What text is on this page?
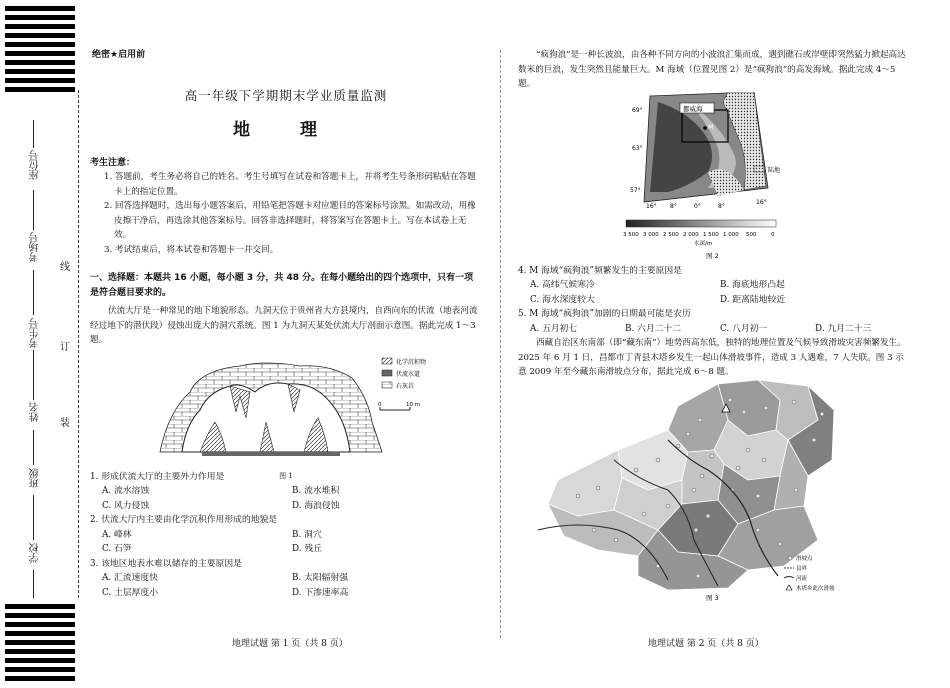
座位号
考场号
考生号
姓名
班级
学校
线
订
装
绝密★启用前
高一年级下学期期末学业质量监测
地 理
考生注意：
1. 答题前，考生务必将自己的姓名、考生号填写在试卷和答题卡上，并将考生号条形码粘贴在答题卡上的指定位置。
2. 回答选择题时，选出每小题答案后，用铅笔把答题卡对应题目的答案标号涂黑。如需改动，用橡皮擦干净后，再选涂其他答案标号。回答非选择题时，将答案写在答题卡上。写在本试卷上无效。
3. 考试结束后，将本试卷和答题卡一并交回。
一、选择题：本题共 16 小题，每小题 3 分，共 48 分。在每小题给出的四个选项中，只有一项是符合题目要求的。
伏流大厅是一种常见的地下地貌形态。九洞天位于贵州省大方县境内，自西向东的伏流（地表河流经过地下的潜伏段）侵蚀出庞大的洞穴系统。图 1 为九洞天某处伏流大厅剖面示意图。据此完成 1～3 题。
化学沉积物
伏流水道
石灰岩
0	10 m
图 1
1. 形成伏流大厅的主要外力作用是
A. 流水溶蚀	B. 流水堆积
C. 风力侵蚀	D. 海浪侵蚀
2. 伏流大厅内主要由化学沉积作用形成的地貌是
A. 峰林	B. 洞穴
C. 石笋	D. 残丘
3. 该地区地表水难以储存的主要原因是
A. 汇流速度快	B. 太阳辐射强
C. 土层厚度小	D. 下渗速率高
地理试题 第 1 页（共 8 页）
“疯狗浪”是一种长波浪，由各种不同方向的小波浪汇集而成，遇到礁石或岸壁即突然猛力掀起高达数米的巨浪，发生突然且能量巨大。M 海域（位置见图 2）是“疯狗浪”的高发海域。据此完成 4～5 题。
挪威海
M
69°
63°
57°
16° 8°	0°	8°
16°
陆地
3 500 3 000 2 500 2 000 1 500 1 000 500	0
水深/m
图 2
4. M 海域“疯狗浪”频繁发生的主要原因是
A. 高纬气候寒冷	B. 海底地形凸起
C. 海水深度较大	D. 距离陆地较近
5. M 海域“疯狗浪”加剧的日期最可能是农历
A. 五月初七	B. 六月二十二	C. 八月初一	D. 九月二十三
西藏自治区东南部（即“藏东南”）地势西高东低，独特的地理位置及气候导致滑坡灾害频繁发生。2025 年 6 月 1 日，昌都市丁青县木塔乡发生一起山体滑坡事件，造成 3 人遇难，7 人失联。图 3 示意 2009 年至今藏东南滑坡点分布，据此完成 6～8 题。
滑坡点
县界
河流
木塔乡此次滑坡
图 3
地理试题 第 2 页（共 8 页）
